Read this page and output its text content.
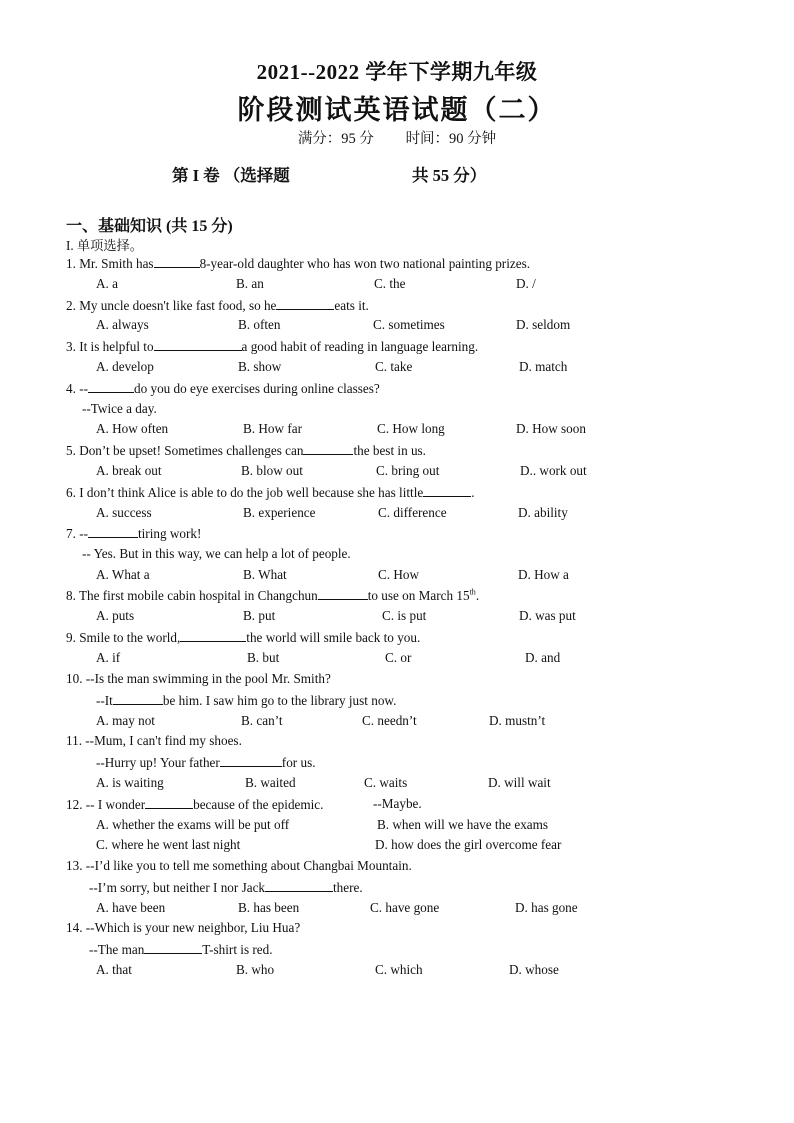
2021--2022 学年下学期九年级
阶段测试英语试题（二）
满分：95 分 时间：90 分钟
第 I 卷 （选择题	共 55 分）
一、基础知识 (共 15 分)
I. 单项选择。
1. Mr. Smith has	8-year-old daughter who has won two national painting prizes.
A. a	B. an	C. the	D. /
2. My uncle doesn't like fast food, so he	eats it.
A. always	B. often	C. sometimes	D. seldom
3. It is helpful to	a good habit of reading in language learning.
A. develop	B. show	C. take	D. match
4. --	do you do eye exercises during online classes?
--Twice a day.
A. How often	B. How far	C. How long	D. How soon
5. Don’t be upset! Sometimes challenges can	the best in us.
A. break out	B. blow out	C. bring out	D.. work out
6. I don’t think Alice is able to do the job well because she has little	.
A. success	B. experience	C. difference	D. ability
7. --	tiring work!
-- Yes. But in this way, we can help a lot of people.
A. What a	B. What	C. How	D. How a
8. The first mobile cabin hospital in Changchun	to use on March 15th.
A. puts	B. put	C. is put	D. was put
9. Smile to the world,	the world will smile back to you.
A. if	B. but	C. or	D. and
10. --Is the man swimming in the pool Mr. Smith?
--It	be him. I saw him go to the library just now.
A. may not	B. can’t	C. needn’t	D. mustn’t
11. --Mum, I can't find my shoes.
--Hurry up! Your father	for us.
A. is waiting	B. waited	C. waits	D. will wait
12. -- I wonder	because of the epidemic.	--Maybe.
A. whether the exams will be put off	B. when will we have the exams
C. where he went last night	D. how does the girl overcome fear
13. --I’d like you to tell me something about Changbai Mountain.
--I’m sorry, but neither I nor Jack	there.
A. have been	B. has been	C. have gone	D. has gone
14. --Which is your new neighbor, Liu Hua?
--The man	T-shirt is red.
A. that	B. who	C. which	D. whose
